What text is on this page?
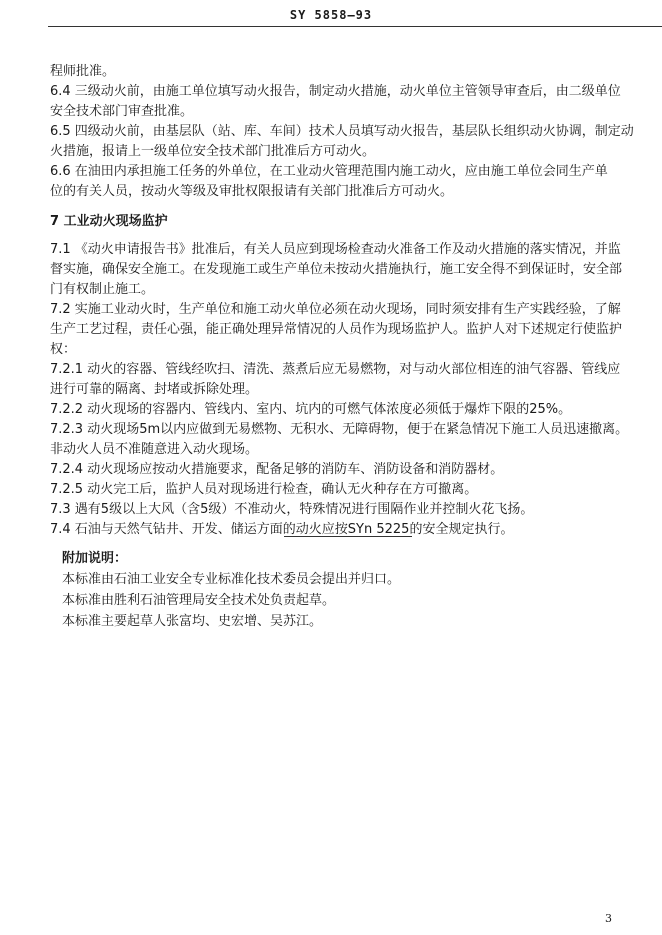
SY 5858—93
程师批准。
6.4 三级动火前，由施工单位填写动火报告，制定动火措施，动火单位主管领导审查后，由二级单位
安全技术部门审查批准。
6.5 四级动火前，由基层队（站、库、车间）技术人员填写动火报告，基层队长组织动火协调，制定动
火措施，报请上一级单位安全技术部门批准后方可动火。
6.6 在油田内承担施工任务的外单位，在工业动火管理范围内施工动火，应由施工单位会同生产单
位的有关人员，按动火等级及审批权限报请有关部门批准后方可动火。
7 工业动火现场监护
7.1 《动火申请报告书》批准后，有关人员应到现场检查动火准备工作及动火措施的落实情况，并监
督实施，确保安全施工。在发现施工或生产单位未按动火措施执行，施工安全得不到保证时，安全部
门有权制止施工。
7.2 实施工业动火时，生产单位和施工动火单位必须在动火现场，同时须安排有生产实践经验，了解
生产工艺过程，责任心强，能正确处理异常情况的人员作为现场监护人。监护人对下述规定行使监护
权：
7.2.1 动火的容器、管线经吹扫、清洗、蒸煮后应无易燃物，对与动火部位相连的油气容器、管线应
进行可靠的隔离、封堵或拆除处理。
7.2.2 动火现场的容器内、管线内、室内、坑内的可燃气体浓度必须低于爆炸下限的25%。
7.2.3 动火现场5m以内应做到无易燃物、无积水、无障碍物，便于在紧急情况下施工人员迅速撤离。
非动火人员不准随意进入动火现场。
7.2.4 动火现场应按动火措施要求，配备足够的消防车、消防设备和消防器材。
7.2.5 动火完工后，监护人员对现场进行检查，确认无火种存在方可撤离。
7.3 遇有5级以上大风（含5级）不准动火，特殊情况进行围隔作业并控制火花飞扬。
7.4 石油与天然气钻井、开发、储运方面的动火应按SYn 5225的安全规定执行。
附加说明：
本标准由石油工业安全专业标准化技术委员会提出并归口。
本标准由胜利石油管理局安全技术处负责起草。
本标准主要起草人张富均、史宏增、吴苏江。
3
